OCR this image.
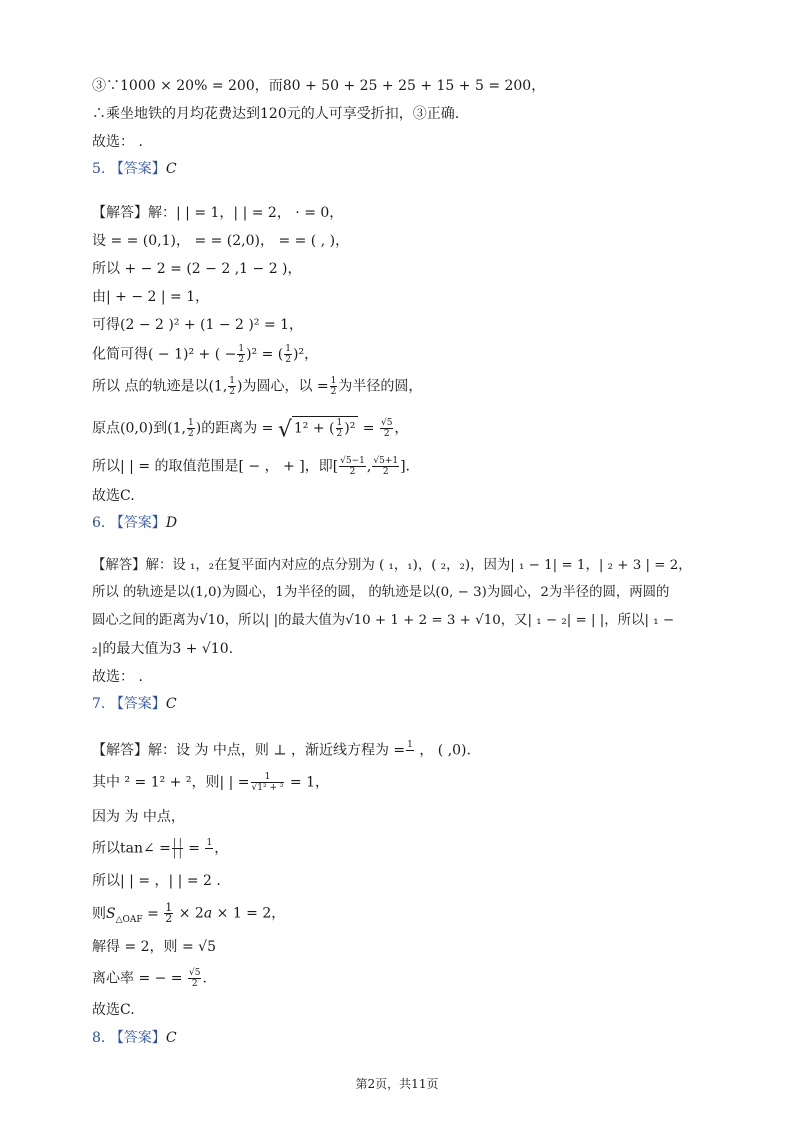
③∵1000 × 20% = 200，而80 + 50 + 25 + 25 + 15 + 5 = 200，
∴乘坐地铁的月均花费达到120元的人可享受折扣，③正确.
故选： .
5. 【答案】C
【解答】解：| | = 1，| | = 2， · = 0，
设 = = (0,1)， = = (2,0)， = = ( , )，
所以 + − 2 = (2 − 2 ,1 − 2 )，
由| + − 2 | = 1，
可得(2 − 2 )² + (1 − 2 )² = 1，
化简可得( − 1)² + ( − $\frac{1}{2} )^2$ = ( $\frac{1}{2} )^2$，
所以 点的轨迹是以(1, $\frac{1}{2}$ )为圆心，以 = $\frac{1}{2}$ 为半径的圆，
原点(0,0)到(1, $\frac{1}{2}$ )的距离为 = √ 1² + ( $\frac{1}{2} )^2 = \frac{√5}{2}$ ，
所以| | = 的取值范围是[ − ， + ]，即[ $\frac{√5-1}{2}$ , $\frac{√5+1}{2}$ ].
故选C.
6. 【答案】D
【解答】解：设 ₁，₂在复平面内对应的点分别为 ( ₁，₁)，( ₂，₂)，因为| ₁ − 1| = 1，| ₂ + 3 | = 2，
所以 的轨迹是以(1,0)为圆心，1为半径的圆， 的轨迹是以(0, − 3)为圆心，2为半径的圆，两圆的
圆心之间的距离为√10，所以| |的最大值为√10 + 1 + 2 = 3 + √10，又| ₁ − ₂| = | |，所以| ₁ −
₂|的最大值为3 + √10.
故选： .
7. 【答案】C
【解答】解：设 为 中点，则 ⊥ ，渐近线方程为 = 1
， ( ,0).
其中 ² = 1² + ²，则| | = $\frac{1}{\text{√1² + ²}} = 1$，
因为 为 中点，
所以tan∠ = $\frac{| |}{| |} = 1$
，
所以| | = ，| | = 2 .
则$S_{\triangle OAF} = \frac{1}{2} \times 2a \times 1 = 2$，
解得 = 2，则 = √5
离心率 = − = $\frac{√5}{2}$ .
故选C.
8. 【答案】C
第2页，共11页
